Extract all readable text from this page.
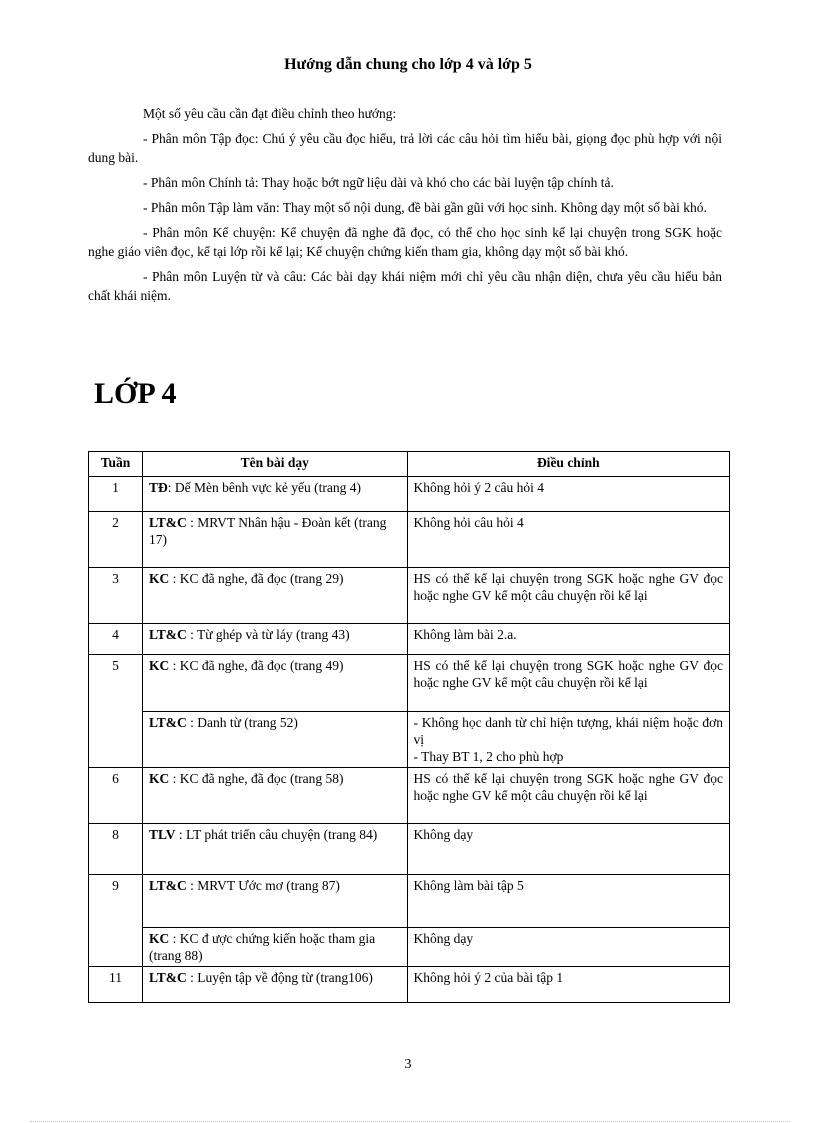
Hướng dẫn chung cho lớp 4 và lớp 5

Một số yêu cầu cần đạt điều chỉnh theo hướng:

- Phân môn Tập đọc: Chú ý yêu cầu đọc hiểu, trả lời các câu hỏi tìm hiểu bài, giọng đọc phù hợp với nội dung bài.

- Phân môn Chính tả: Thay hoặc bớt ngữ liệu dài và khó cho các bài luyện tập chính tả.

- Phân môn Tập làm văn: Thay một số nội dung, đề bài gần gũi với học sinh. Không dạy một số bài khó.

- Phân môn Kể chuyện: Kể chuyện đã nghe đã đọc, có thể cho học sinh kể lại chuyện trong SGK hoặc nghe giáo viên đọc, kể tại lớp rồi kể lại; Kể chuyện chứng kiến tham gia, không dạy một số bài khó.

- Phân môn Luyện từ và câu: Các bài dạy khái niệm mới chỉ yêu cầu nhận diện, chưa yêu cầu hiểu bản chất khái niệm.

LỚP 4
Tuần	Tên bài dạy	Điều chỉnh
1	TĐ: Dế Mèn bênh vực kẻ yếu (trang 4)	Không hỏi ý 2 câu hỏi 4
2	LT&C : MRVT Nhân hậu - Đoàn kết (trang 17)	Không hỏi câu hỏi 4
3	KC : KC đã nghe, đã đọc (trang 29)	HS có thể kể lại chuyện trong SGK hoặc nghe GV đọc hoặc nghe GV kể một câu chuyện rồi kể lại
4	LT&C : Từ ghép và từ láy (trang 43)	Không làm bài 2.a.
5	KC : KC đã nghe, đã đọc (trang 49)	HS có thể kể lại chuyện trong SGK hoặc nghe GV đọc hoặc nghe GV kể một câu chuyện rồi kể lại
	LT&C : Danh từ (trang 52)	- Không học danh từ chỉ hiện tượng, khái niệm hoặc đơn vị
- Thay BT 1, 2 cho phù hợp
6	KC : KC đã nghe, đã đọc (trang 58)	HS có thể kể lại chuyện trong SGK hoặc nghe GV đọc hoặc nghe GV kể một câu chuyện rồi kể lại
8	TLV : LT phát triển câu chuyện (trang 84)	Không dạy
9	LT&C : MRVT Ước mơ (trang 87)	Không làm bài tập 5
	KC : KC đ ược chứng kiến hoặc tham gia (trang 88)	Không dạy
11	LT&C : Luyện tập về động từ (trang106)	Không hỏi ý 2 của bài tập 1
3
